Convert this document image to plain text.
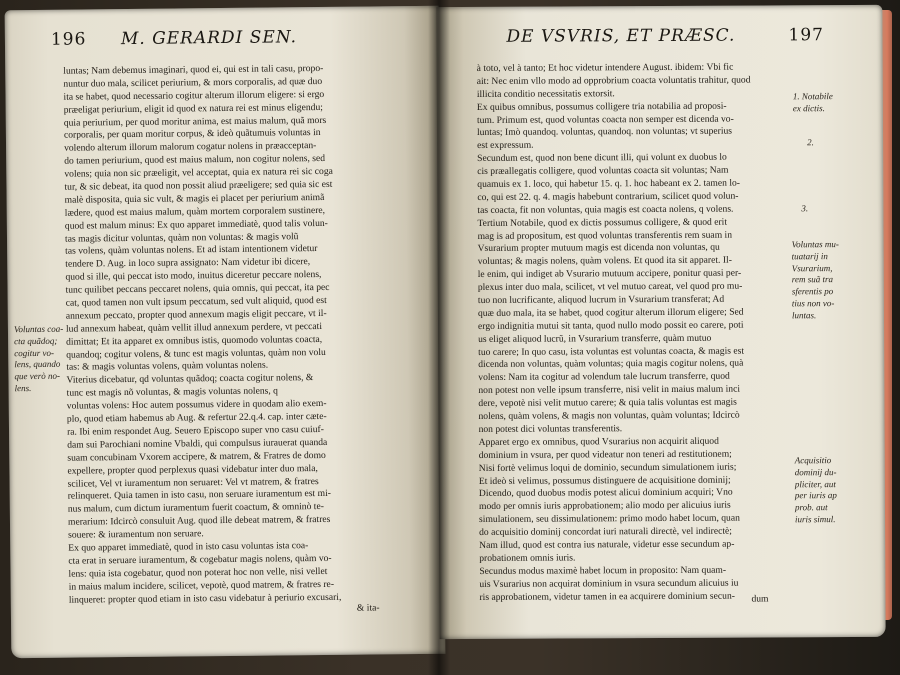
196 M. GERARDI SEN.
luntas; Nam debemus imaginari, quod ei, qui est in tali casu, propo-
nuntur duo mala, scilicet periurium, & mors corporalis, ad quæ duo
ita se habet, quod necessario cogitur alterum illorum eligere: si ergo
præeligat periurium, eligit id quod ex natura rei est minus eligendu;
quia periurium, per quod moritur anima, est maius malum, quã mors
corporalis, per quam moritur corpus, & ideò quãtumuis voluntas in
volendo alterum illorum malorum cogatur nolens in præacceptan-
do tamen periurium, quod est maius malum, non cogitur nolens, sed
volens; quia non sic præeligit, vel acceptat, quia ex natura rei sic coga
tur, & sic debeat, ita quod non possit aliud præeligere; sed quia sic est
malè disposita, quia sic vult, & magis ei placet per periurium animã
lædere, quod est maius malum, quàm mortem corporalem sustinere,
quod est malum minus: Ex quo apparet immediatè, quod talis volun-
tas magis dicitur voluntas, quàm non voluntas: & magis volũ
tas volens, quàm voluntas nolens. Et ad istam intentionem videtur
tendere D. Aug. in loco supra assignato: Nam videtur ibi dicere,
quod si ille, qui peccat isto modo, inuitus diceretur peccare nolens,
tunc quilibet peccans peccaret nolens, quia omnis, qui peccat, ita pec
cat, quod tamen non vult ipsum peccatum, sed vult aliquid, quod est
annexum peccato, propter quod annexum magis eligit peccare, vt il-
lud annexum habeat, quàm vellit illud annexum perdere, vt peccati
dimittat; Et ita apparet ex omnibus istis, quomodo voluntas coacta,
quandoq; cogitur volens, & tunc est magis voluntas, quàm non volu
tas: & magis voluntas volens, quàm voluntas nolens.
Viterius dicebatur, qd voluntas quãdoq; coacta cogitur nolens, &
tunc est magis nõ voluntas, & magis voluntas nolens, q
voluntas volens: Hoc autem possumus videre in quodam alio exem-
plo, quod etiam habemus ab Aug. & refertur 22.q.4. cap. inter cæte-
ra. Ibi enim respondet Aug. Seuero Episcopo super vno casu cuiuf-
dam sui Parochiani nomine Vbaldi, qui compulsus iurauerat quanda
suam concubinam Vxorem accipere, & matrem, & Fratres de domo
expellere, propter quod perplexus quasi videbatur inter duo mala,
scilicet, Vel vt iuramentum non seruaret: Vel vt matrem, & fratres
relinqueret. Quia tamen in isto casu, non seruare iuramentum est mi-
nus malum, cum dictum iuramentum fuerit coactum, & omninò te-
merarium: Idcircò consuluit Aug. quod ille debeat matrem, & fratres
souere: & iuramentum non seruare.
Ex quo apparet immediatè, quod in isto casu voluntas ista coa-
cta erat in seruare iuramentum, & cogebatur magis nolens, quàm vo-
lens: quia ista cogebatur, quod non poterat hoc non velle, nisi vellet
in maius malum incidere, scilicet, vepotè, quod matrem, & fratres re-
linqueret: propter quod etiam in isto casu videbatur à periurio excusari,
& ita-
Voluntas coa-
cta quãdoq;
cogitur vo-
lens, quando
que verò no-
lens.
DE VSVRIS, ET PRÆSC.	197
à toto, vel à tanto; Et hoc videtur intendere August. ibidem: Vbi fic
ait: Nec enim vllo modo ad opprobrium coacta voluntatis trahitur, quod
illicita conditio necessitatis extorsit.
Ex quibus omnibus, possumus colligere tria notabilia ad proposi-
tum. Primum est, quod voluntas coacta non semper est dicenda vo-
luntas; Imò quandoq. voluntas, quandoq. non voluntas; vt superius
est expressum.
Secundum est, quod non bene dicunt illi, qui volunt ex duobus lo
cis præallegatis colligere, quod voluntas coacta sit voluntas; Nam
quamuis ex 1. loco, qui habetur 15. q. 1. hoc habeant ex 2. tamen lo-
co, qui est 22. q. 4. magis habebunt contrarium, scilicet quod volun-
tas coacta, fit non voluntas, quia magis est coacta nolens, q volens.
Tertium Notabile, quod ex dictis possumus colligere, & quod erit
mag is ad propositum, est quod voluntas transferentis rem suam in
Vsurarium propter mutuum magis est dicenda non voluntas, qu
voluntas; & magis nolens, quàm volens. Et quod ita sit apparet. Il-
le enim, qui indiget ab Vsurario mutuum accipere, ponitur quasi per-
plexus inter duo mala, scilicet, vt vel mutuo careat, vel quod pro mu-
tuo non lucrificante, aliquod lucrum in Vsurarium transferat; Ad
quæ duo mala, ita se habet, quod cogitur alterum illorum eligere; Sed
ergo indignitia mutui sit tanta, quod nullo modo possit eo carere, poti
us eliget aliquod lucrũ, in Vsurarium transferre, quàm mutuo
tuo carere; In quo casu, ista voluntas est voluntas coacta, & magis est
dicenda non voluntas, quàm voluntas; quia magis cogitur nolens, quà
volens: Nam ita cogitur ad volendum tale lucrum transferre, quod
non potest non velle ipsum transferre, nisi velit in maius malum inci
dere, vepotè nisi velit mutuo carere; & quia talis voluntas est magis
nolens, quàm volens, & magis non voluntas, quàm voluntas; Idcircò
non potest dici voluntas transferentis.
Apparet ergo ex omnibus, quod Vsurarius non acquirit aliquod
dominium in vsura, per quod videatur non teneri ad restitutionem;
Nisi fortè velimus loqui de dominio, secundum simulationem iuris;
Et ideò si velimus, possumus distinguere de acquisitione dominij;
Dicendo, quod duobus modis potest alicui dominium acquiri; Vno
modo per omnis iuris approbationem; alio modo per alicuius iuris
simulationem, seu dissimulationem: primo modo habet locum, quan
do acquisitio dominij concordat iuri naturali directè, vel indirectè;
Nam illud, quod est contra ius naturale, videtur esse secundum ap-
probationem omnis iuris.
Secundus modus maximè habet locum in proposito: Nam quam-
uis Vsurarius non acquirat dominium in vsura secundum alicuius iu
ris approbationem, videtur tamen in ea acquirere dominium secun-	dum
1. Notabile
ex dictis.
2.
3.
Voluntas mu-
tuatarij in
Vsurarium,
rem suã tra
sferentis po
tius non vo-
luntas.
Acquisitio
dominij du-
pliciter, aut
per iuris ap
prob. aut
iuris simul.
